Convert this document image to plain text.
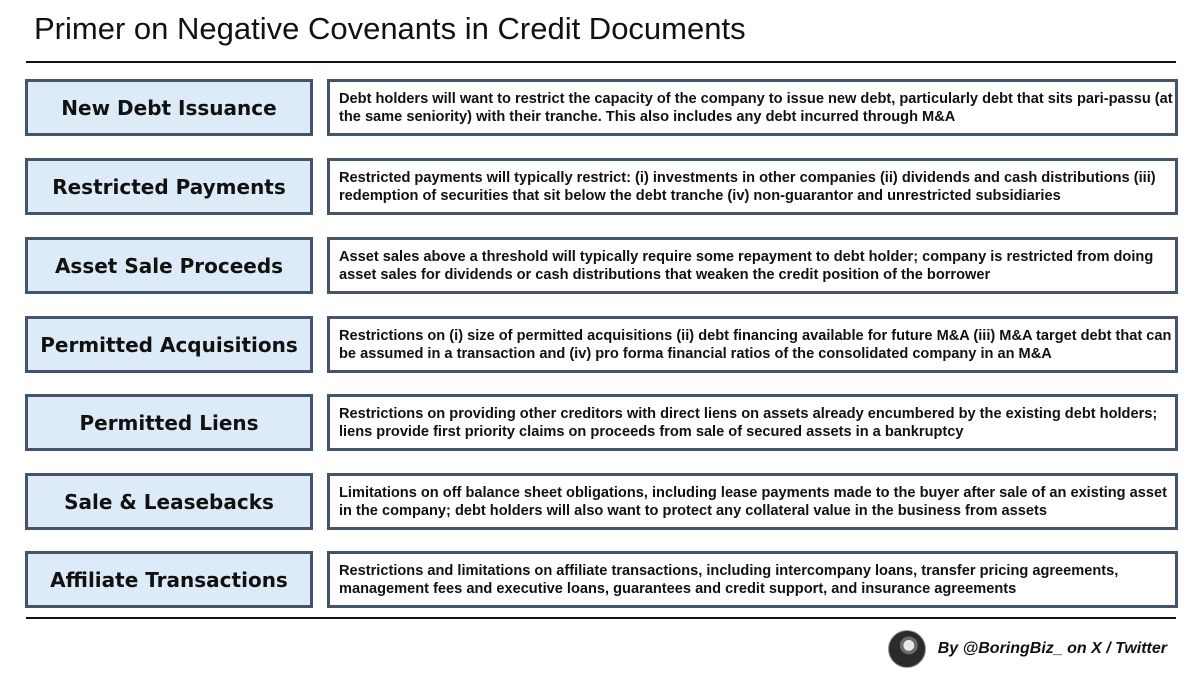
Primer on Negative Covenants in Credit Documents
New Debt Issuance	Debt holders will want to restrict the capacity of the company to issue new debt, particularly debt that sits pari-passu (at the same seniority) with their tranche. This also includes any debt incurred through M&A
Restricted Payments	Restricted payments will typically restrict: (i) investments in other companies (ii) dividends and cash distributions (iii) redemption of securities that sit below the debt tranche (iv) non-guarantor and unrestricted subsidiaries
Asset Sale Proceeds	Asset sales above a threshold will typically require some repayment to debt holder; company is restricted from doing asset sales for dividends or cash distributions that weaken the credit position of the borrower
Permitted Acquisitions	Restrictions on (i) size of permitted acquisitions (ii) debt financing available for future M&A (iii) M&A target debt that can be assumed in a transaction and (iv) pro forma financial ratios of the consolidated company in an M&A
Permitted Liens	Restrictions on providing other creditors with direct liens on assets already encumbered by the existing debt holders; liens provide first priority claims on proceeds from sale of secured assets in a bankruptcy
Sale & Leasebacks	Limitations on off balance sheet obligations, including lease payments made to the buyer after sale of an existing asset in the company; debt holders will also want to protect any collateral value in the business from assets
Affiliate Transactions	Restrictions and limitations on affiliate transactions, including intercompany loans, transfer pricing agreements, management fees and executive loans, guarantees and credit support, and insurance agreements
By @BoringBiz_ on X / Twitter
